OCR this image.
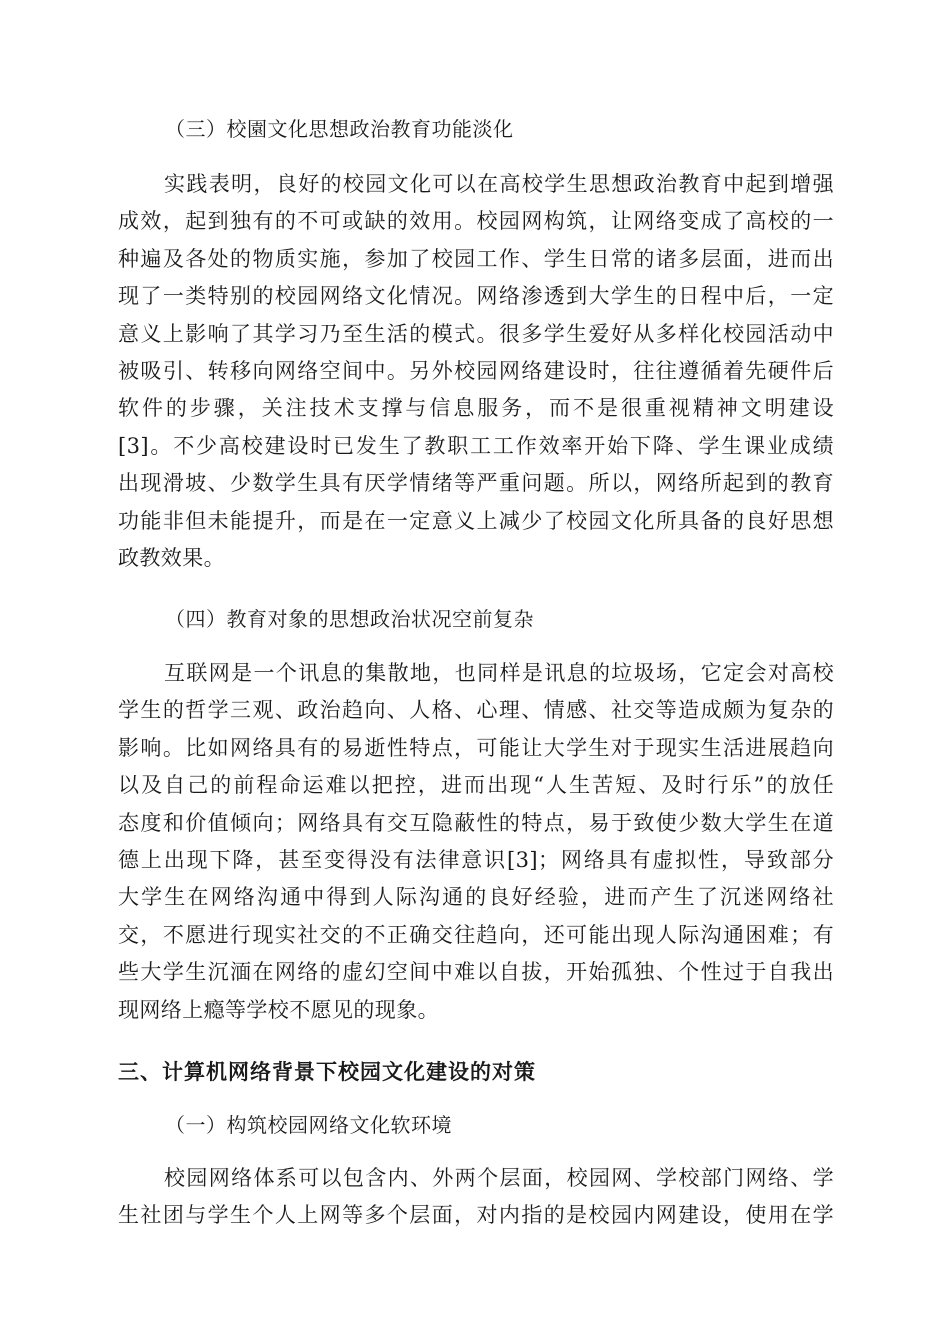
（三）校園文化思想政治教育功能淡化
实践表明，良好的校园文化可以在高校学生思想政治教育中起到增强
成效，起到独有的不可或缺的效用。校园网构筑，让网络变成了高校的一
种遍及各处的物质实施，参加了校园工作、学生日常的诸多层面，进而出
现了一类特别的校园网络文化情况。网络渗透到大学生的日程中后，一定
意义上影响了其学习乃至生活的模式。很多学生爱好从多样化校园活动中
被吸引、转移向网络空间中。另外校园网络建设时，往往遵循着先硬件后
软件的步骤，关注技术支撑与信息服务，而不是很重视精神文明建设
[3]。不少高校建设时已发生了教职工工作效率开始下降、学生课业成绩
出现滑坡、少数学生具有厌学情绪等严重问题。所以，网络所起到的教育
功能非但未能提升，而是在一定意义上减少了校园文化所具备的良好思想
政教效果。
（四）教育对象的思想政治状况空前复杂
互联网是一个讯息的集散地，也同样是讯息的垃圾场，它定会对高校
学生的哲学三观、政治趋向、人格、心理、情感、社交等造成颇为复杂的
影响。比如网络具有的易逝性特点，可能让大学生对于现实生活进展趋向
以及自己的前程命运难以把控，进而出现“人生苦短、及时行乐”的放任
态度和价值倾向；网络具有交互隐蔽性的特点，易于致使少数大学生在道
德上出现下降，甚至变得没有法律意识[3]；网络具有虚拟性，导致部分
大学生在网络沟通中得到人际沟通的良好经验，进而产生了沉迷网络社
交，不愿进行现实社交的不正确交往趋向，还可能出现人际沟通困难；有
些大学生沉湎在网络的虚幻空间中难以自拔，开始孤独、个性过于自我出
现网络上瘾等学校不愿见的现象。
三、计算机网络背景下校园文化建设的对策
（一）构筑校园网络文化软环境
校园网络体系可以包含内、外两个层面，校园网、学校部门网络、学
生社团与学生个人上网等多个层面，对内指的是校园内网建设，使用在学
